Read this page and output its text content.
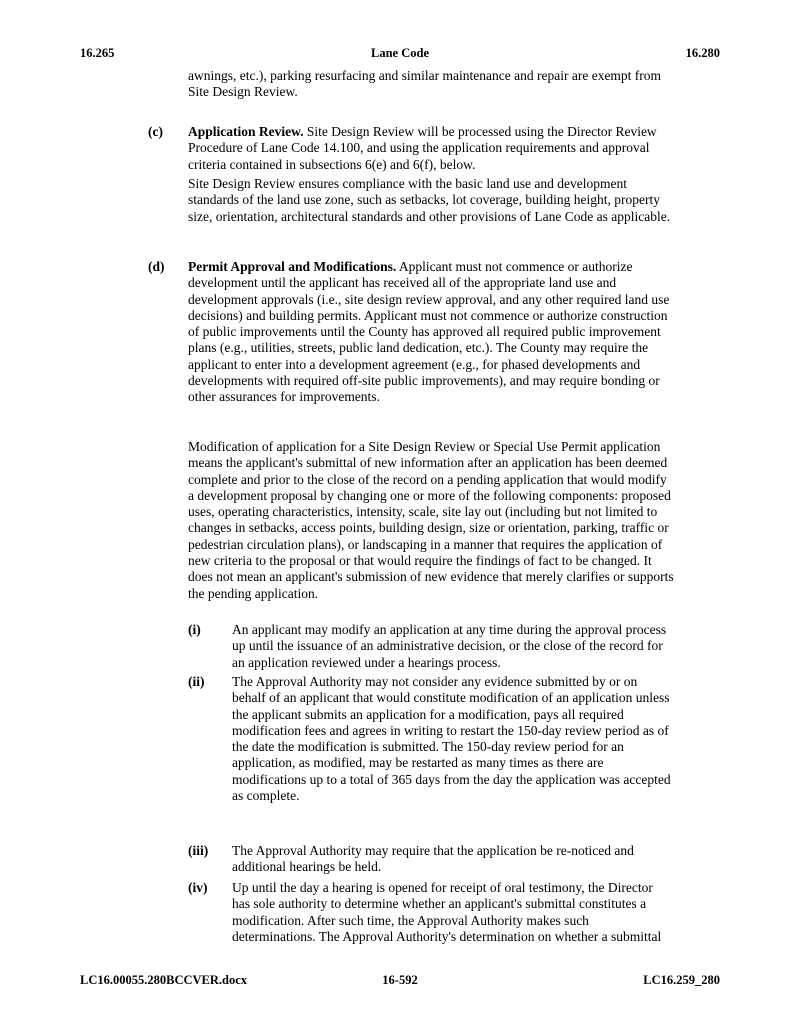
16.265	Lane Code	16.280
awnings, etc.), parking resurfacing and similar maintenance and repair are exempt from
Site Design Review.
(c) Application Review. Site Design Review will be processed using the Director Review
Procedure of Lane Code 14.100, and using the application requirements and approval
criteria contained in subsections 6(e) and 6(f), below.
Site Design Review ensures compliance with the basic land use and development
standards of the land use zone, such as setbacks, lot coverage, building height, property
size, orientation, architectural standards and other provisions of Lane Code as applicable.
(d) Permit Approval and Modifications. Applicant must not commence or authorize
development until the applicant has received all of the appropriate land use and
development approvals (i.e., site design review approval, and any other required land use
decisions) and building permits. Applicant must not commence or authorize construction
of public improvements until the County has approved all required public improvement
plans (e.g., utilities, streets, public land dedication, etc.). The County may require the
applicant to enter into a development agreement (e.g., for phased developments and
developments with required off-site public improvements), and may require bonding or
other assurances for improvements.
Modification of application for a Site Design Review or Special Use Permit application
means the applicant's submittal of new information after an application has been deemed
complete and prior to the close of the record on a pending application that would modify
a development proposal by changing one or more of the following components: proposed
uses, operating characteristics, intensity, scale, site lay out (including but not limited to
changes in setbacks, access points, building design, size or orientation, parking, traffic or
pedestrian circulation plans), or landscaping in a manner that requires the application of
new criteria to the proposal or that would require the findings of fact to be changed. It
does not mean an applicant's submission of new evidence that merely clarifies or supports
the pending application.
(i) An applicant may modify an application at any time during the approval process
up until the issuance of an administrative decision, or the close of the record for
an application reviewed under a hearings process.
(ii) The Approval Authority may not consider any evidence submitted by or on
behalf of an applicant that would constitute modification of an application unless
the applicant submits an application for a modification, pays all required
modification fees and agrees in writing to restart the 150-day review period as of
the date the modification is submitted. The 150-day review period for an
application, as modified, may be restarted as many times as there are
modifications up to a total of 365 days from the day the application was accepted
as complete.
(iii) The Approval Authority may require that the application be re-noticed and
additional hearings be held.
(iv) Up until the day a hearing is opened for receipt of oral testimony, the Director
has sole authority to determine whether an applicant's submittal constitutes a
modification. After such time, the Approval Authority makes such
determinations. The Approval Authority's determination on whether a submittal
LC16.00055.280BCCVER.docx	16-592	LC16.259_280
